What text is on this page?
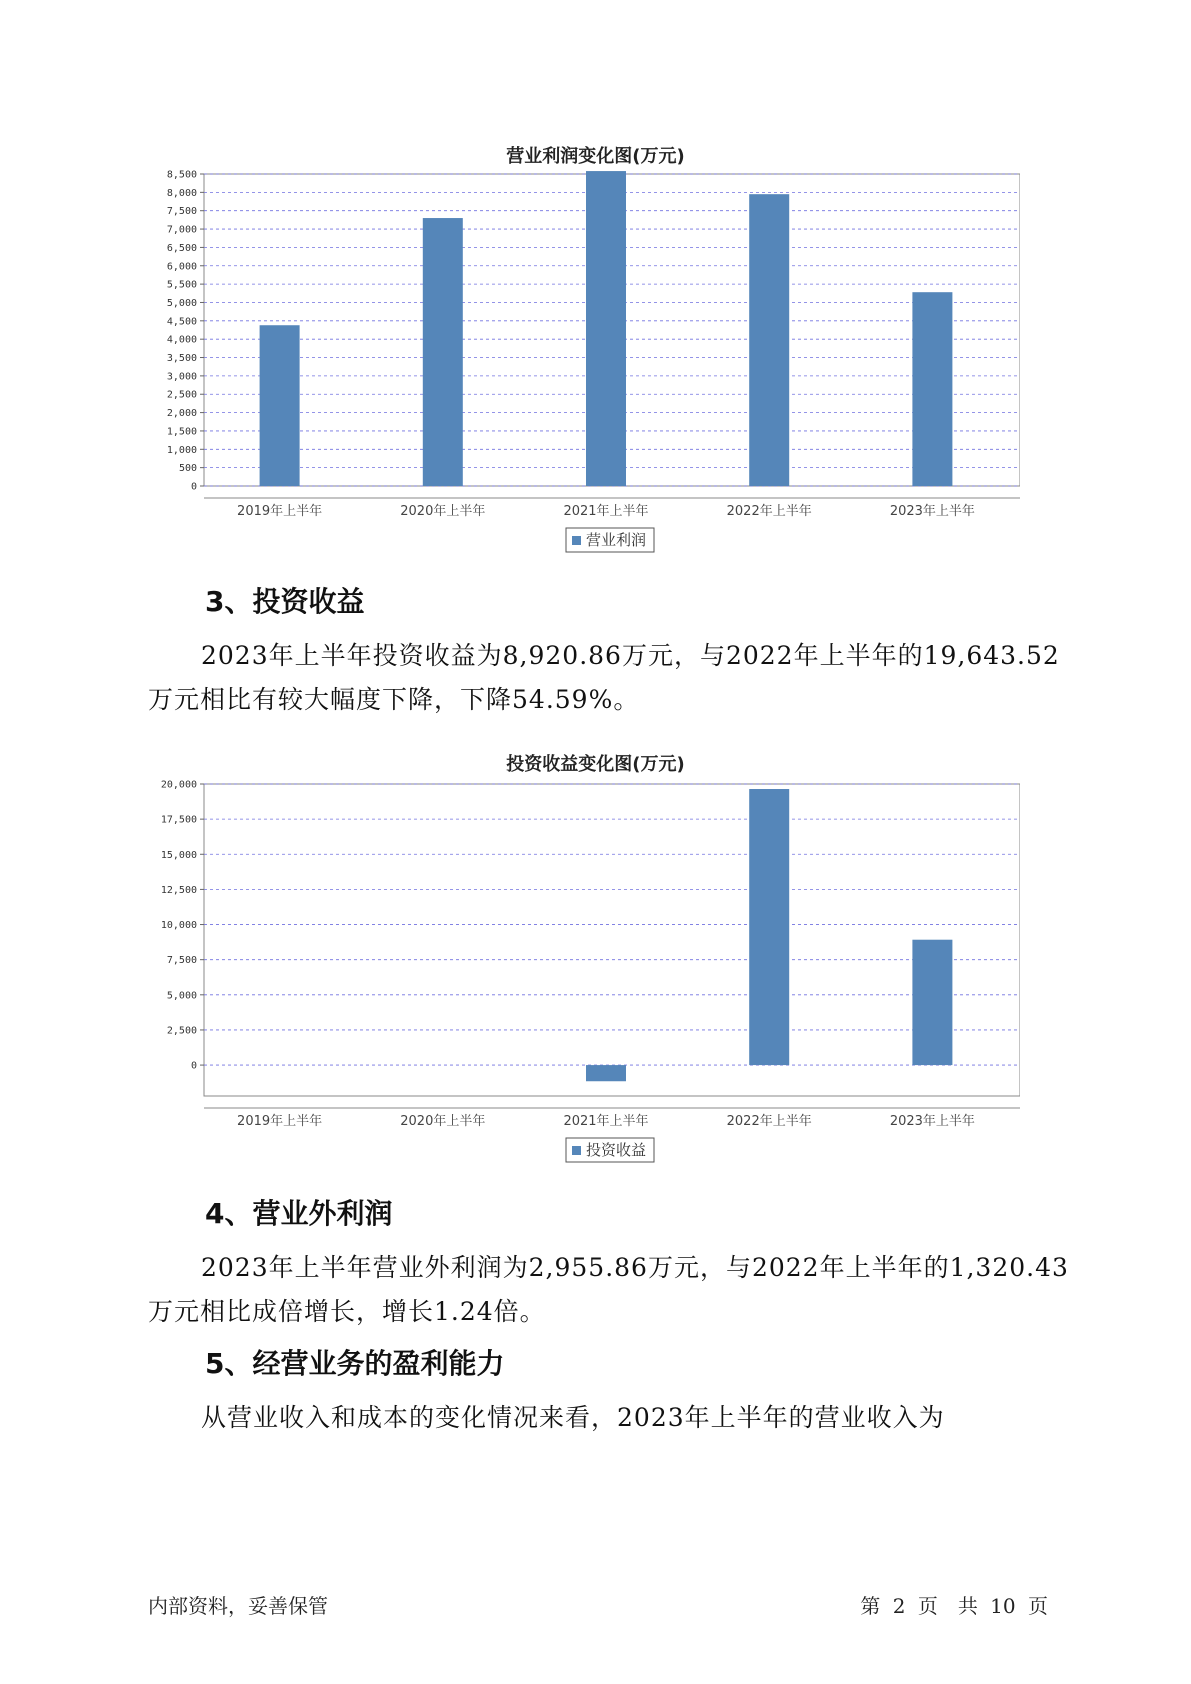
营业利润变化图(万元)
0
500
1,000
1,500
2,000
2,500
3,000
3,500
4,000
4,500
5,000
5,500
6,000
6,500
7,000
7,500
8,000
8,500
2019年上半年	2020年上半年	2021年上半年	2022年上半年	2023年上半年
营业利润
3、投资收益

2023年上半年投资收益为8,920.86万元，与2022年上半年的19,643.52
万元相比有较大幅度下降，下降54.59%。

投资收益变化图(万元)
0
2,500
5,000
7,500
10,000
12,500
15,000
17,500
20,000
2019年上半年	2020年上半年	2021年上半年	2022年上半年	2023年上半年
投资收益
4、营业外利润

2023年上半年营业外利润为2,955.86万元，与2022年上半年的1,320.43
万元相比成倍增长，增长1.24倍。

5、经营业务的盈利能力

从营业收入和成本的变化情况来看，2023年上半年的营业收入为

内部资料，妥善保管	第 2 页　共 10 页
